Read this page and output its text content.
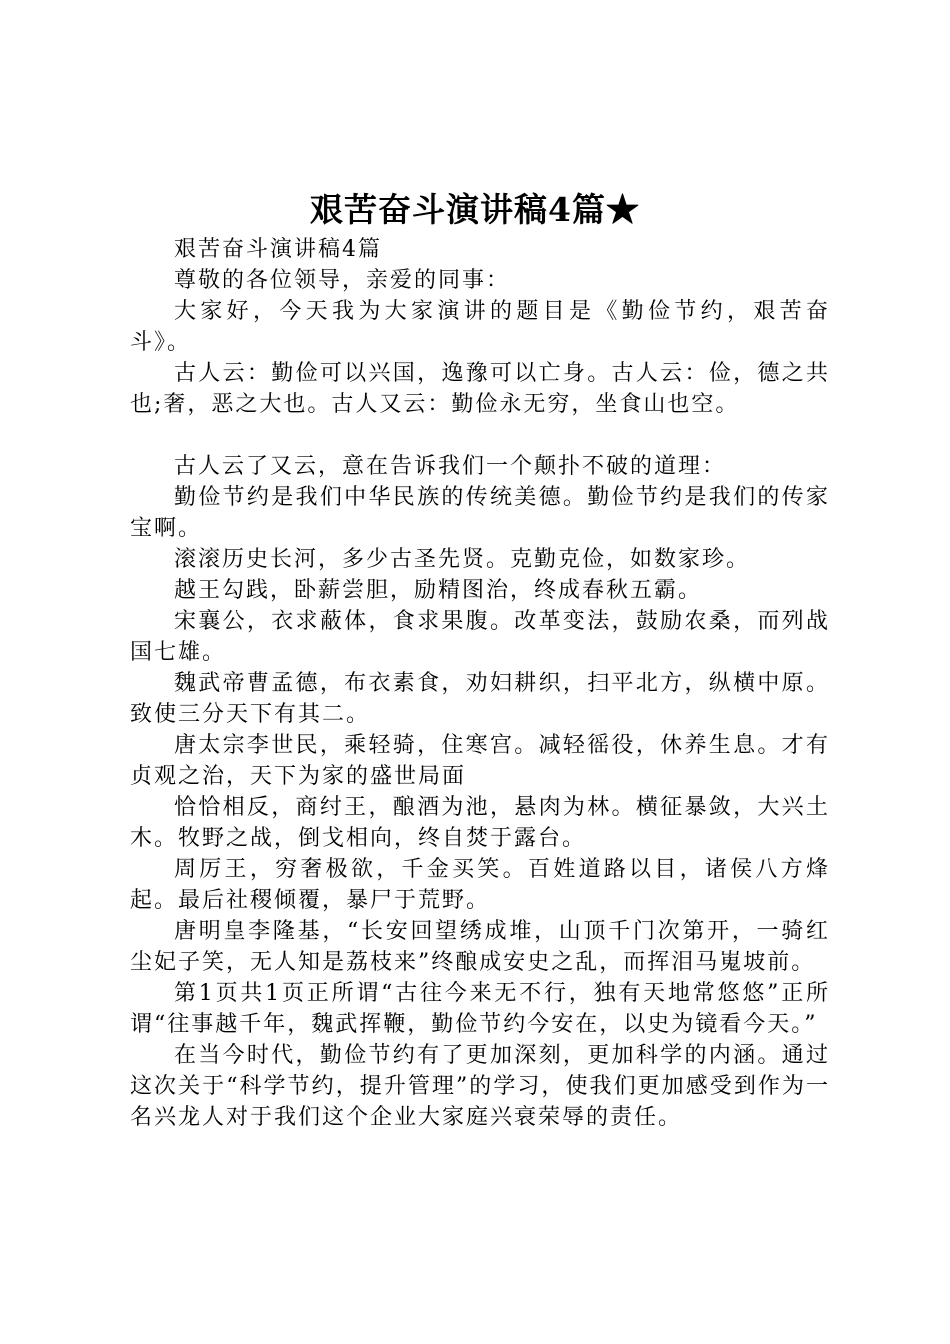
艰苦奋斗演讲稿4篇★

艰苦奋斗演讲稿4篇

尊敬的各位领导，亲爱的同事：

大家好，今天我为大家演讲的题目是《勤俭节约，艰苦奋斗》。

古人云：勤俭可以兴国，逸豫可以亡身。古人云：俭，德之共也;奢，恶之大也。古人又云：勤俭永无穷，坐食山也空。

古人云了又云，意在告诉我们一个颠扑不破的道理：

勤俭节约是我们中华民族的传统美德。勤俭节约是我们的传家宝啊。

滚滚历史长河，多少古圣先贤。克勤克俭，如数家珍。

越王勾践，卧薪尝胆，励精图治，终成春秋五霸。

宋襄公，衣求蔽体，食求果腹。改革变法，鼓励农桑，而列战国七雄。

魏武帝曹孟德，布衣素食，劝妇耕织，扫平北方，纵横中原。致使三分天下有其二。

唐太宗李世民，乘轻骑，住寒宫。减轻徭役，休养生息。才有贞观之治，天下为家的盛世局面

恰恰相反，商纣王，酿酒为池，悬肉为林。横征暴敛，大兴土木。牧野之战，倒戈相向，终自焚于露台。

周厉王，穷奢极欲，千金买笑。百姓道路以目，诸侯八方烽起。最后社稷倾覆，暴尸于荒野。

唐明皇李隆基，“长安回望绣成堆，山顶千门次第开，一骑红尘妃子笑，无人知是荔枝来”终酿成安史之乱，而挥泪马嵬坡前。

第1页共1页正所谓“古往今来无不行，独有天地常悠悠”正所谓“往事越千年，魏武挥鞭，勤俭节约今安在，以史为镜看今天。”

在当今时代，勤俭节约有了更加深刻，更加科学的内涵。通过这次关于“科学节约，提升管理”的学习，使我们更加感受到作为一名兴龙人对于我们这个企业大家庭兴衰荣辱的责任。
